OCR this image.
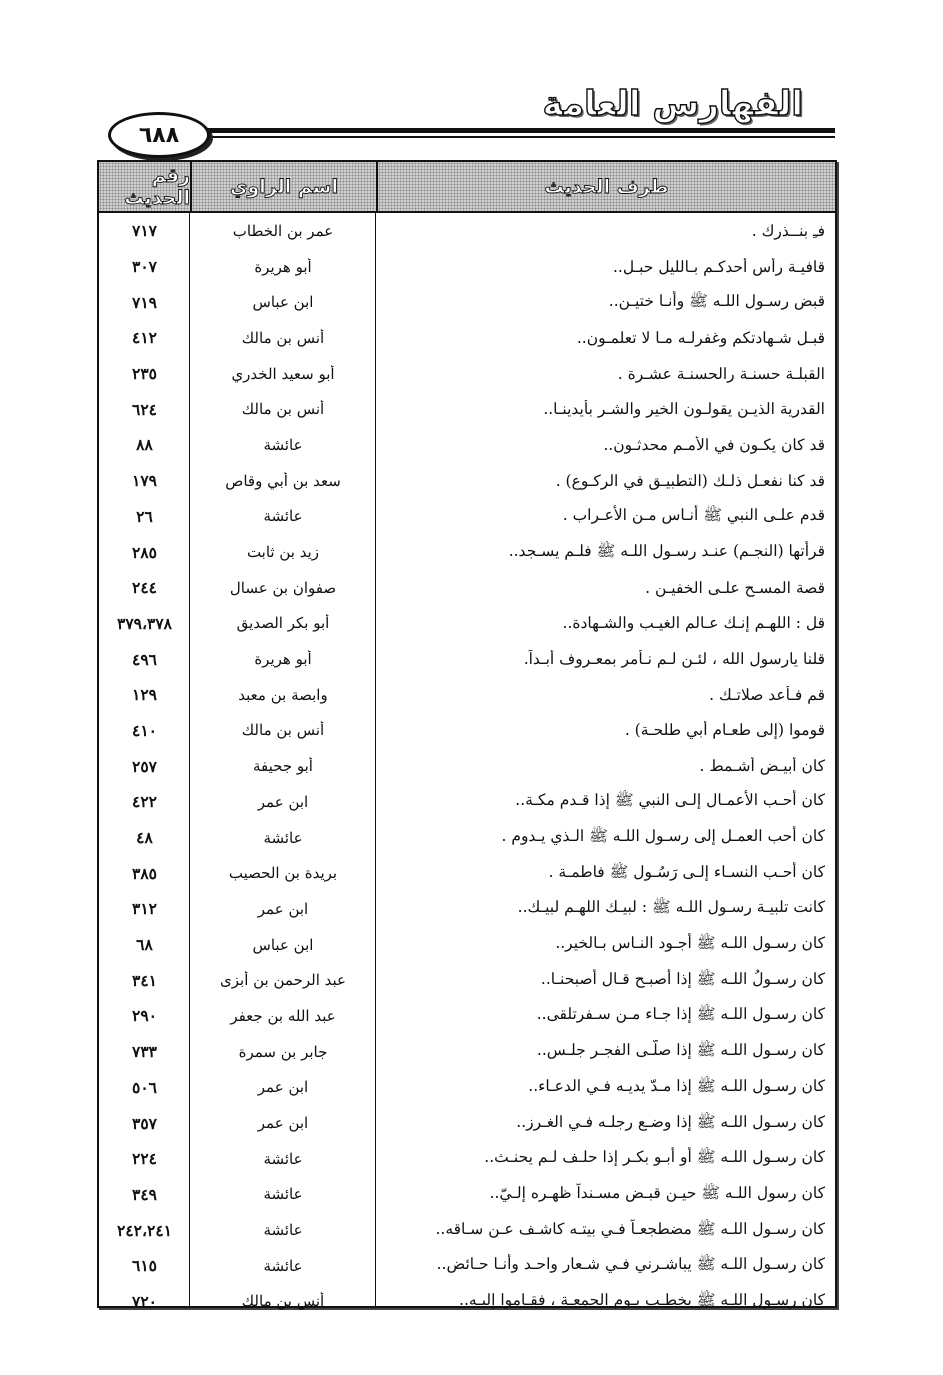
الفهارس العامة
٦٨٨
طرف الحديث
اسم الراوي
رقم الحديث
فـِ بنــذرك .
عمر بن الخطاب
٧١٧
قافيـة رأس أحدكـم بـالليل حبـل..
أبو هريرة
٣٠٧
قبض رسـول اللـه ﷺ وأنـا ختيـن..
ابن عباس
٧١٩
قبـل شـهادتكم وغفرلـه مـا لا تعلمـون..
أنس بن مالك
٤١٢
القبلـة حسنـة رالحسنـة عشـرة .
أبو سعيد الخدري
٢٣٥
القدرية الذيـن يقولـون الخير والشـر بأيدينـا..
أنس بن مالك
٦٢٤
قد كان يكـون في الأمـم محدثـون..
عائشة
٨٨
قد كنا نفعـل ذلـك (التطبيـق في الركـوع) .
سعد بن أبي وقاص
١٧٩
قدم علـى النبي ﷺ أنـاس مـن الأعـراب .
عائشة
٢٦
قرأتها (النجـم) عنـد رسـول اللـه ﷺ فلـم يسـجد..
زيد بن ثابت
٢٨٥
قصة المسـح علـى الخفيـن .
صفوان بن عسال
٢٤٤
قل : اللهـم إنـك عـالم الغيـب والشـهادة..
أبو بكر الصديق
٣٧٩،٣٧٨
قلنا يارسول الله ، لئـن لـم نـأمر بمعـروف أبـداً.
أبو هريرة
٤٩٦
قم فـأعد صلاتـك .
وابصة بن معبد
١٢٩
قوموا (إلى طعـام أبي طلحـة) .
أنس بن مالك
٤١٠
كان أبيـض أشـمط .
أبو جحيفة
٢٥٧
كان أحـب الأعمـال إلـى النبي ﷺ إذا قـدم مكـة..
ابن عمر
٤٢٢
كان أحب العمـل إلى رسـول اللـه ﷺ الـذي يـدوم .
عائشة
٤٨
كان أحـب النسـاء إلـى رَسُـول ﷺ فاطمـة .
بريدة بن الحصيب
٣٨٥
كانت تلبيـة رسـول اللـه ﷺ : لبيـك اللهـم لبيـك..
ابن عمر
٣١٢
كان رسـول اللـه ﷺ أجـود النـاس بـالخير..
ابن عباس
٦٨
كان رسـولُ اللـه ﷺ إذا أصبـح قـال أصبحنـا..
عبد الرحمن بن أبزى
٣٤١
كان رسـول اللـه ﷺ إذا جـاء مـن سـفرتلقى..
عبد الله بن جعفر
٢٩٠
كان رسـول اللـه ﷺ إذا صلّـى الفجـر جلـس..
جابر بن سمرة
٧٣٣
كان رسـول اللـه ﷺ إذا مـدّ يديـه فـي الدعـاء..
ابن عمر
٥٠٦
كان رسـول اللـه ﷺ إذا وضـع رجلـه فـي الغـرز..
ابن عمر
٣٥٧
كان رسـول اللـه ﷺ أو أبـو بكـر إذا حلـف لـم يحنـث..
عائشة
٢٢٤
كان رسول اللـه ﷺ حيـن قبـض مسـنداً ظهـره إلـيّ..
عائشة
٣٤٩
كان رسـول اللـه ﷺ مضطجعـاً فـي بيتـه كاشـف عـن سـاقه..
عائشة
٢٤٢،٢٤١
كان رسـول اللـه ﷺ يباشـرني فـي شـعار واحـد وأنـا حـائض..
عائشة
٦١٥
كان رسـول اللـه ﷺ يخطـب يـوم الجمعـة ، فقـاموا إليـه..
أنس بن مالك
٧٢٠
